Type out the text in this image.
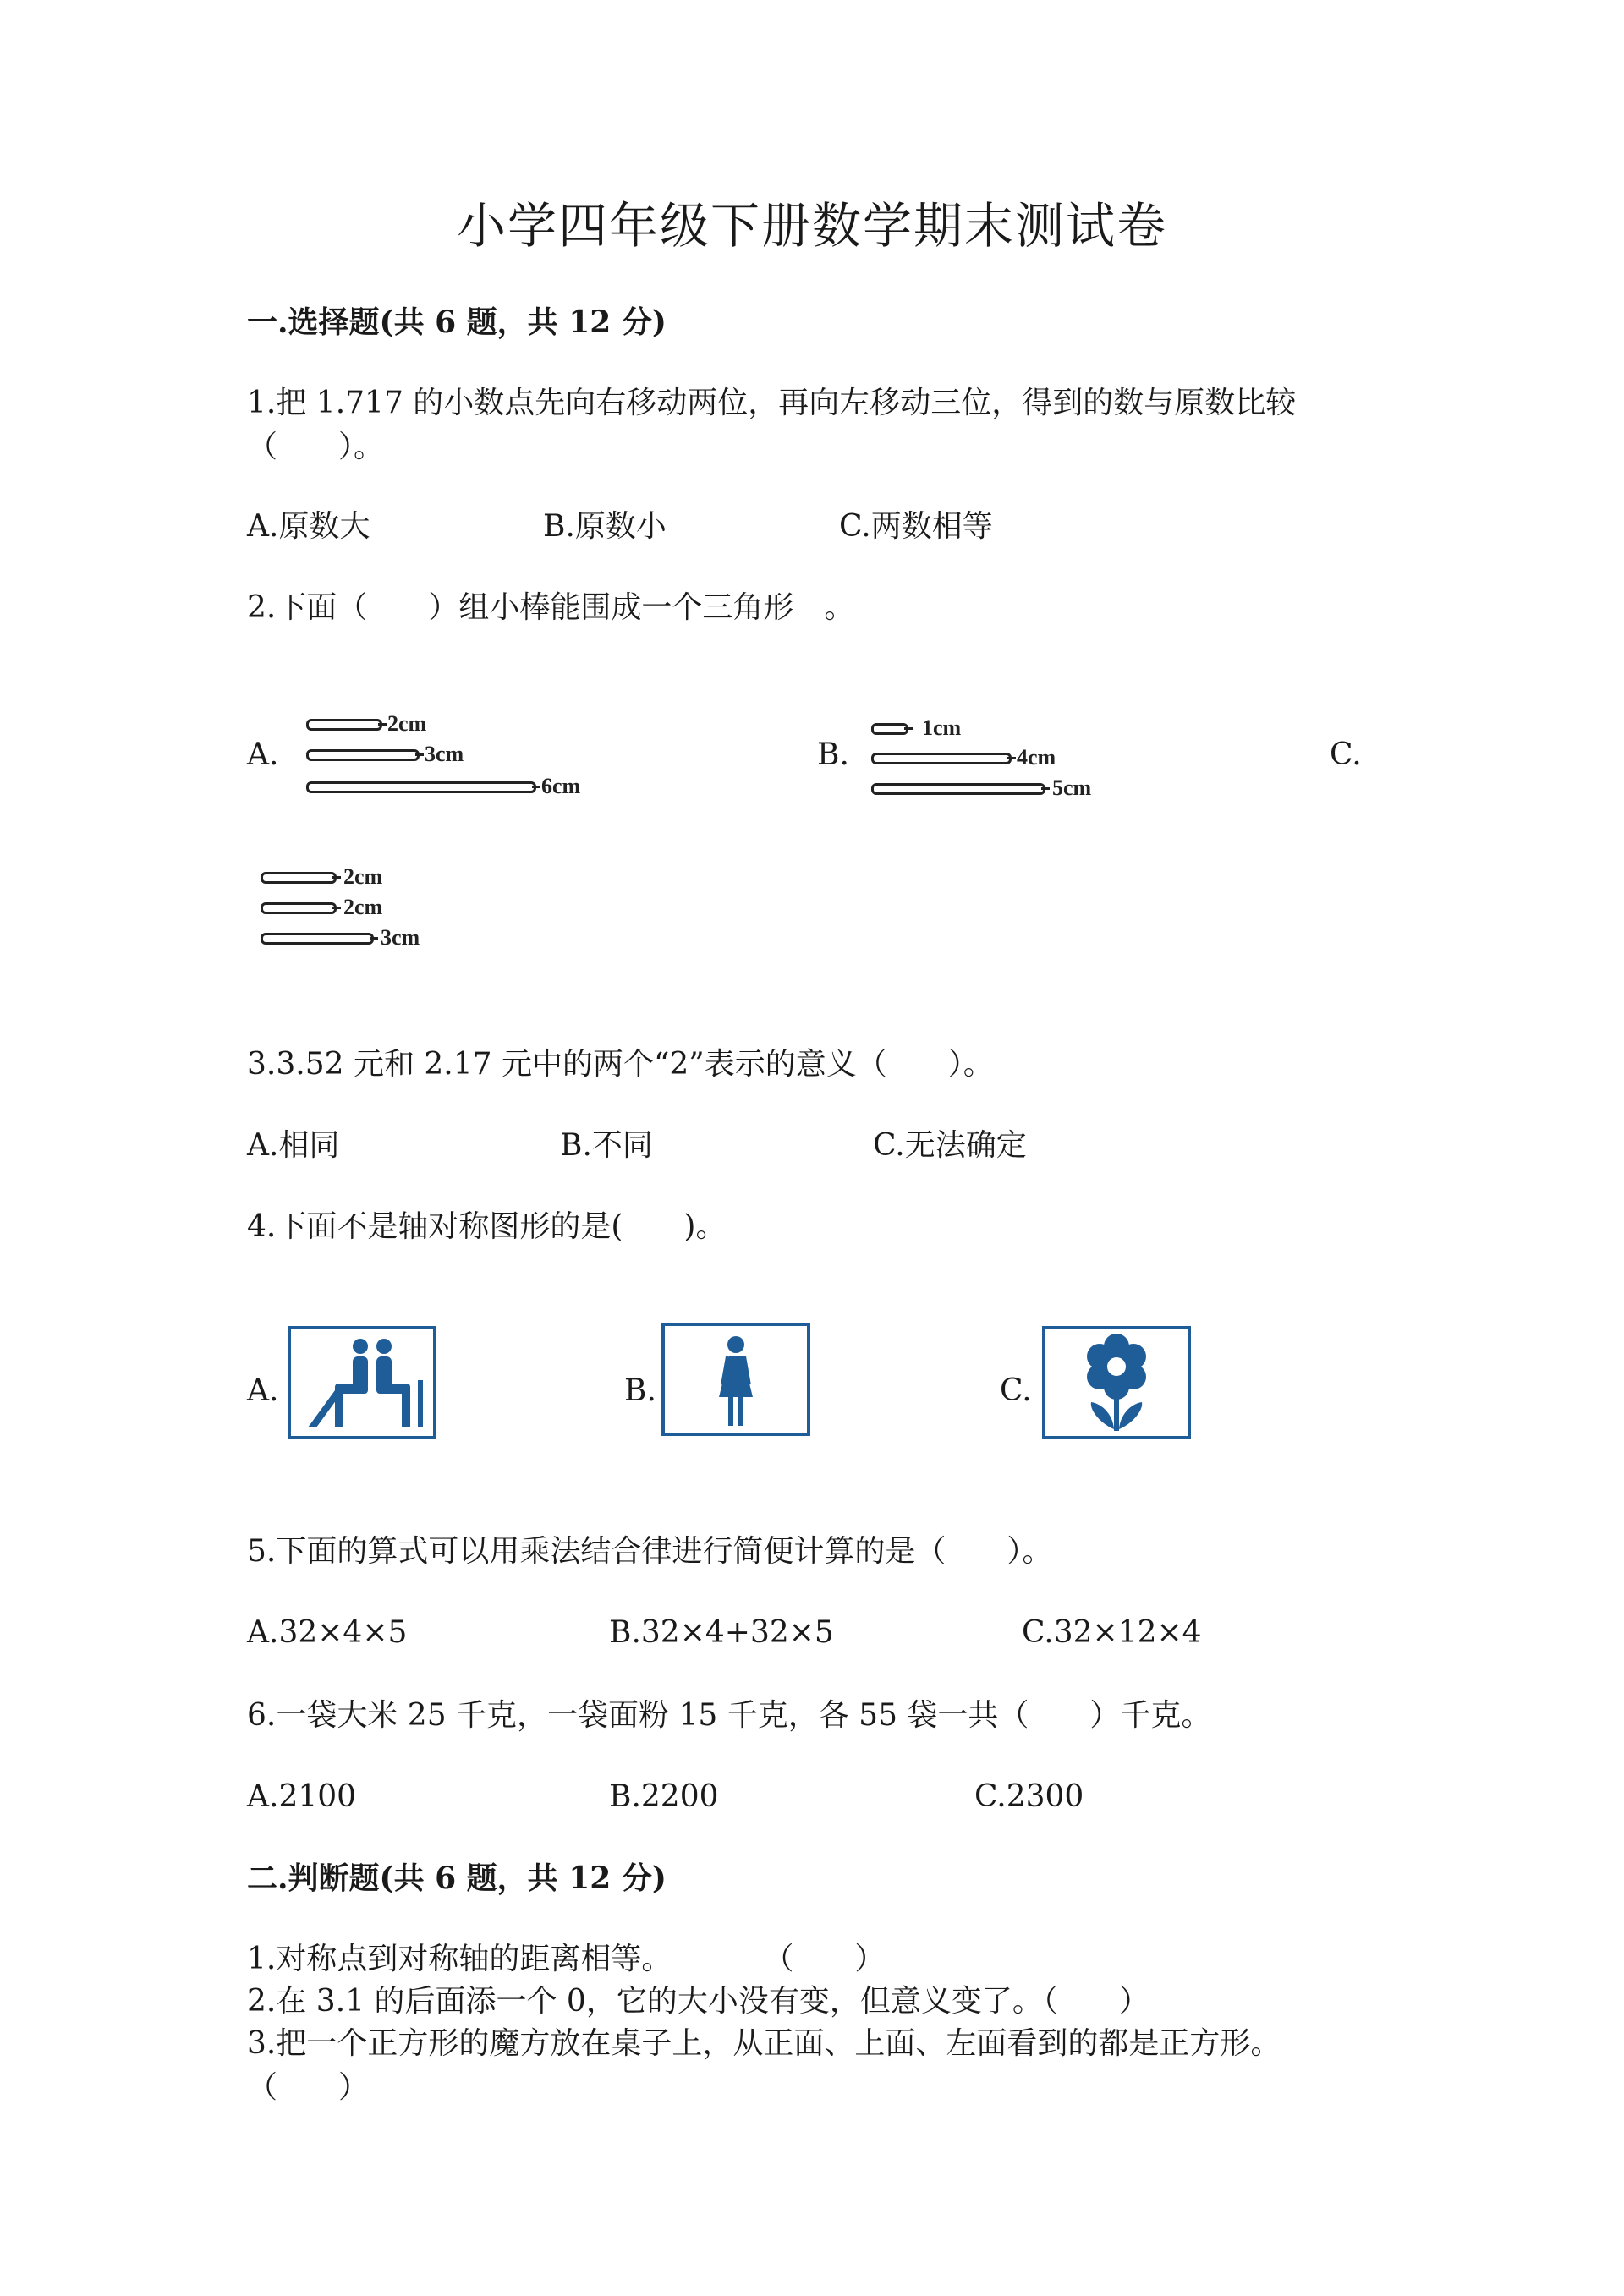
小学四年级下册数学期末测试卷
一.选择题(共 6 题，共 12 分)
1.把 1.717 的小数点先向右移动两位，再向左移动三位，得到的数与原数比较
（　　）。
A.原数大	B.原数小	C.两数相等
2.下面（　　）组小棒能围成一个三角形　。
A.	B.	C.
2cm
3cm
6cm
1cm
4cm
5cm
2cm
2cm
3cm
3.3.52 元和 2.17 元中的两个“2”表示的意义（　　）。
A.相同	B.不同	C.无法确定
4.下面不是轴对称图形的是(　　)。
A.	B.	C.
5.下面的算式可以用乘法结合律进行简便计算的是（　　）。
A.32×4×5	B.32×4+32×5	C.32×12×4
6.一袋大米 25 千克，一袋面粉 15 千克，各 55 袋一共（　　）千克。
A.2100	B.2200	C.2300
二.判断题(共 6 题，共 12 分)
1.对称点到对称轴的距离相等。　　　　（　　）
2.在 3.1 的后面添一个 0，它的大小没有变，但意义变了。（　　）
3.把一个正方形的魔方放在桌子上，从正面、上面、左面看到的都是正方形。
（　　）
